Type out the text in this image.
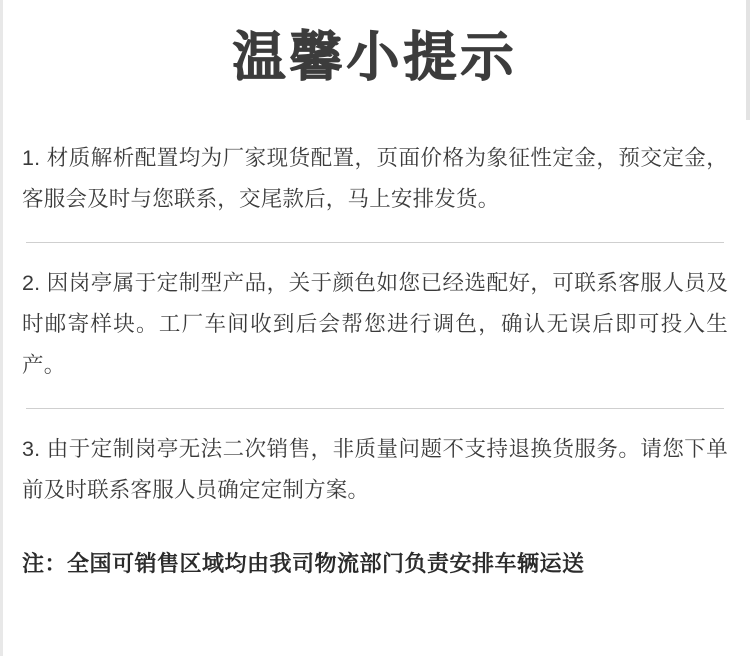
温馨小提示
1. 材质解析配置均为厂家现货配置，页面价格为象征性定金，预交定金，客服会及时与您联系，交尾款后，马上安排发货。
2. 因岗亭属于定制型产品，关于颜色如您已经选配好，可联系客服人员及时邮寄样块。工厂车间收到后会帮您进行调色，确认无误后即可投入生产。
3. 由于定制岗亭无法二次销售，非质量问题不支持退换货服务。请您下单前及时联系客服人员确定定制方案。
注：全国可销售区域均由我司物流部门负责安排车辆运送
